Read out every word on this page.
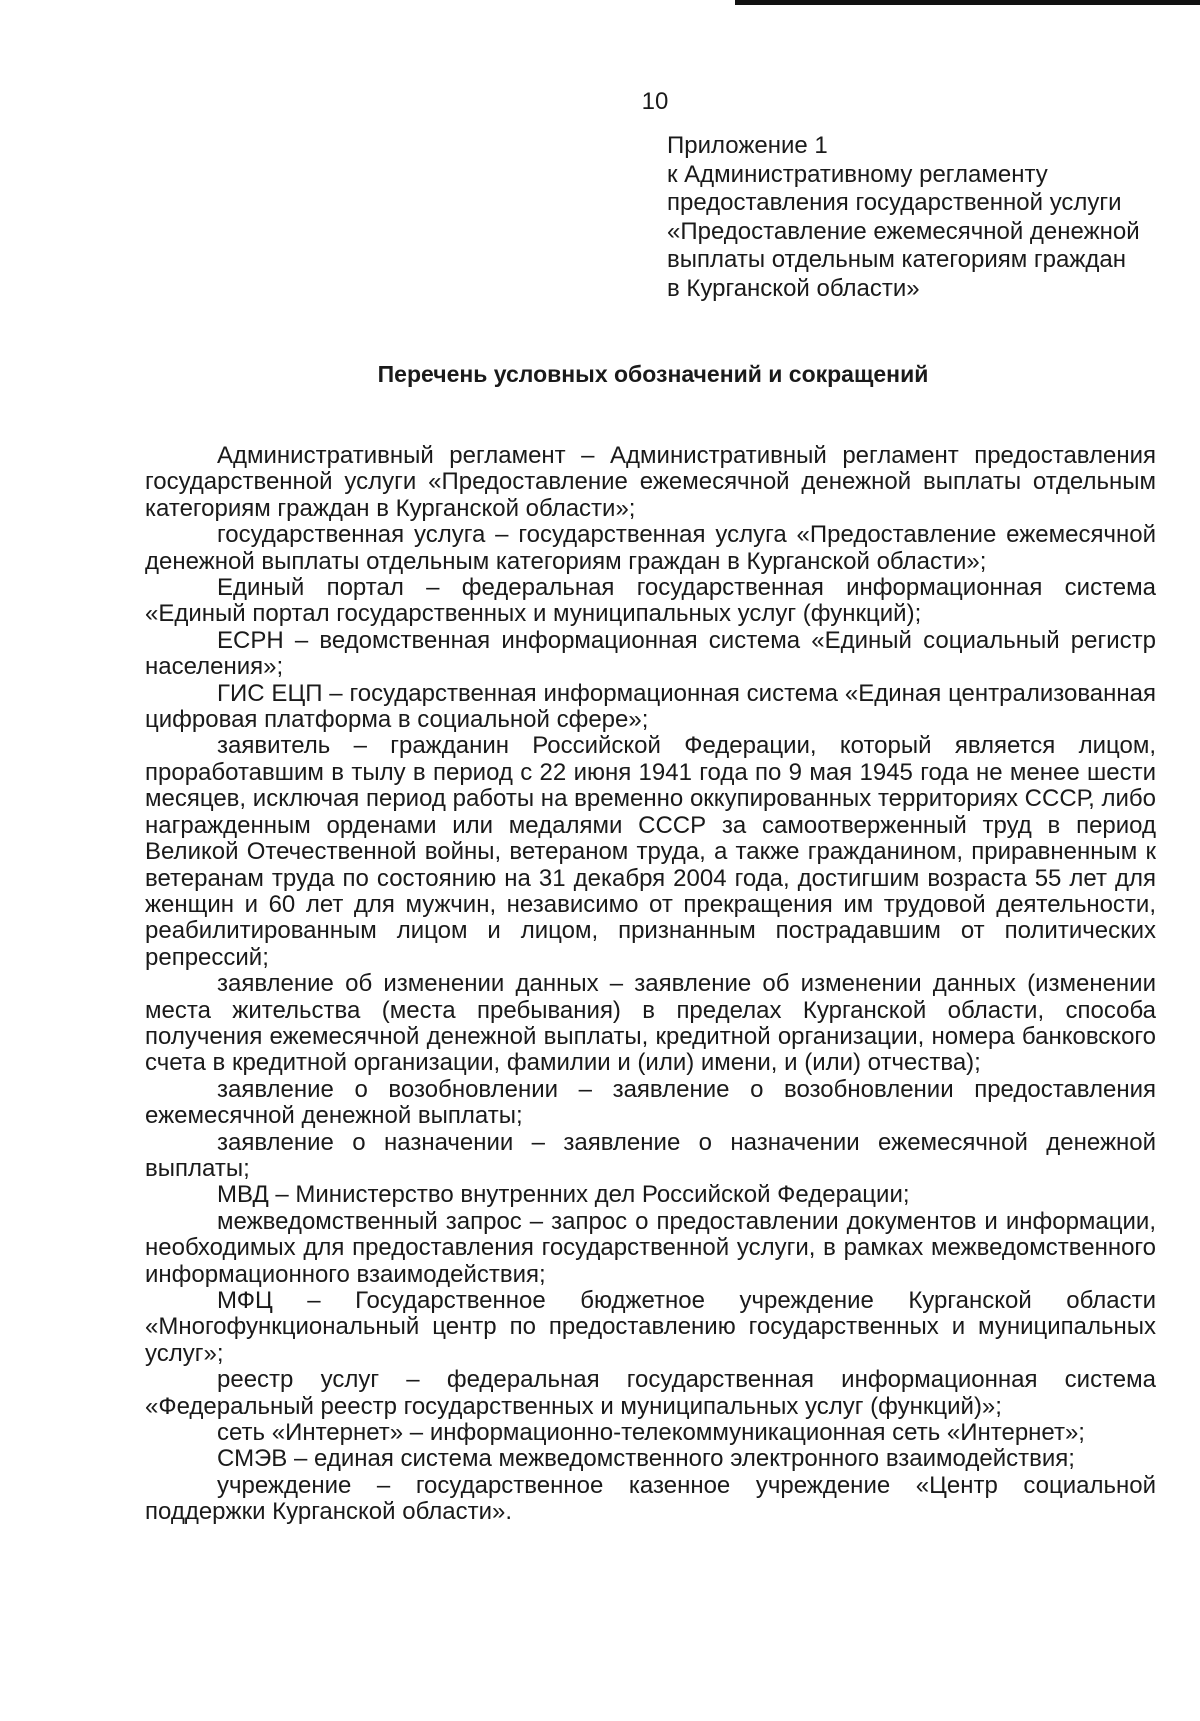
10
Приложение 1
к Административному регламенту
предоставления государственной услуги
«Предоставление ежемесячной денежной
выплаты отдельным категориям граждан
в Курганской области»
Перечень условных обозначений и сокращений

Административный регламент – Административный регламент предоставления государственной услуги «Предоставление ежемесячной денежной выплаты отдельным категориям граждан в Курганской области»;

государственная услуга – государственная услуга «Предоставление ежемесячной денежной выплаты отдельным категориям граждан в Курганской области»;

Единый портал – федеральная государственная информационная система «Единый портал государственных и муниципальных услуг (функций);

ЕСРН – ведомственная информационная система «Единый социальный регистр населения»;

ГИС ЕЦП – государственная информационная система «Единая централизованная цифровая платформа в социальной сфере»;

заявитель – гражданин Российской Федерации, который является лицом, проработавшим в тылу в период с 22 июня 1941 года по 9 мая 1945 года не менее шести месяцев, исключая период работы на временно оккупированных территориях СССР, либо награжденным орденами или медалями СССР за самоотверженный труд в период Великой Отечественной войны, ветераном труда, а также гражданином, приравненным к ветеранам труда по состоянию на 31 декабря 2004 года, достигшим возраста 55 лет для женщин и 60 лет для мужчин, независимо от прекращения им трудовой деятельности, реабилитированным лицом и лицом, признанным пострадавшим от политических репрессий;

заявление об изменении данных – заявление об изменении данных (изменении места жительства (места пребывания) в пределах Курганской области, способа получения ежемесячной денежной выплаты, кредитной организации, номера банковского счета в кредитной организации, фамилии и (или) имени, и (или) отчества);

заявление о возобновлении – заявление о возобновлении предоставления ежемесячной денежной выплаты;

заявление о назначении – заявление о назначении ежемесячной денежной выплаты;

МВД – Министерство внутренних дел Российской Федерации;

межведомственный запрос – запрос о предоставлении документов и информации, необходимых для предоставления государственной услуги, в рамках межведомственного информационного взаимодействия;

МФЦ – Государственное бюджетное учреждение Курганской области «Многофункциональный центр по предоставлению государственных и муниципальных услуг»;

реестр услуг – федеральная государственная информационная система «Федеральный реестр государственных и муниципальных услуг (функций)»;

сеть «Интернет» – информационно-телекоммуникационная сеть «Интернет»;

СМЭВ – единая система межведомственного электронного взаимодействия;

учреждение – государственное казенное учреждение «Центр социальной поддержки Курганской области».
